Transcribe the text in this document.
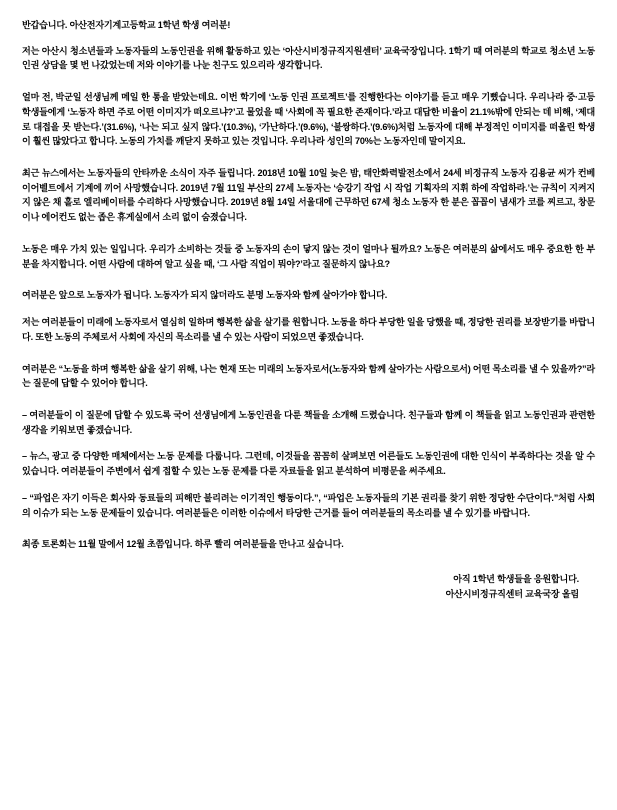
반갑습니다. 아산전자기계고등학교 1학년 학생 여러분!

저는 아산시 청소년들과 노동자들의 노동인권을 위해 활동하고 있는 ‘아산시비정규직지원센터’ 교육국장입니다. 1학기 때 여러분의 학교로 청소년 노동인권 상담을 몇 번 나갔었는데 저와 이야기를 나눈 친구도 있으리라 생각합니다.

얼마 전, 박군일 선생님께 메일 한 통을 받았는데요. 이번 학기에 ‘노동 인권 프로젝트’를 진행한다는 이야기를 듣고 매우 기뻤습니다. 우리나라 중·고등학생들에게 ‘노동자 하면 주로 어떤 이미지가 떠오르냐?’고 물었을 때 ‘사회에 꼭 필요한 존재이다.’라고 대답한 비율이 21.1%밖에 안되는 데 비해, ‘제대로 대접을 못 받는다.’(31.6%), ‘나는 되고 싶지 않다.’(10.3%), ‘가난하다.’(9.6%), ‘불쌍하다.’(9.6%)처럼 노동자에 대해 부정적인 이미지를 떠올린 학생이 훨씬 많았다고 합니다. 노동의 가치를 깨닫지 못하고 있는 것입니다. 우리나라 성인의 70%는 노동자인데 말이지요.

최근 뉴스에서는 노동자들의 안타까운 소식이 자주 들립니다. 2018년 10월 10일 늦은 밤, 태안화력발전소에서 24세 비정규직 노동자 김용균 씨가 컨베이어벨트에서 기계에 끼어 사망했습니다. 2019년 7월 11일 부산의 27세 노동자는 ‘승강기 작업 시 작업 기획자의 지휘 하에 작업하라.’는 규칙이 지켜지지 않은 채 홀로 엘리베이터를 수리하다 사망했습니다. 2019년 8월 14일 서울대에 근무하던 67세 청소 노동자 한 분은 꼽꼽이 냄새가 코를 찌르고, 창문이나 에어컨도 없는 좁은 휴게실에서 소리 없이 숨졌습니다.

노동은 매우 가치 있는 일입니다. 우리가 소비하는 것들 중 노동자의 손이 닿지 않는 것이 얼마나 될까요? 노동은 여러분의 삶에서도 매우 중요한 한 부분을 차지합니다. 어떤 사람에 대하여 알고 싶을 때, ‘그 사람 직업이 뭐야?’라고 질문하지 않나요?

여러분은 앞으로 노동자가 됩니다. 노동자가 되지 않더라도 분명 노동자와 함께 살아가야 합니다.

저는 여러분들이 미래에 노동자로서 열심히 일하며 행복한 삶을 살기를 원합니다. 노동을 하다 부당한 일을 당했을 때, 정당한 권리를 보장받기를 바랍니다. 또한 노동의 주체로서 사회에 자신의 목소리를 낼 수 있는 사람이 되었으면 좋겠습니다.

여러분은 “노동을 하며 행복한 삶을 살기 위해, 나는 현재 또는 미래의 노동자로서(노동자와 함께 살아가는 사람으로서) 어떤 목소리를 낼 수 있을까?”라는 질문에 답할 수 있어야 합니다.

– 여러분들이 이 질문에 답할 수 있도록 국어 선생님에게 노동인권을 다룬 책들을 소개해 드렸습니다. 친구들과 함께 이 책들을 읽고 노동인권과 관련한 생각을 키워보면 좋겠습니다.

– 뉴스, 광고 중 다양한 매체에서는 노동 문제를 다룹니다. 그런데, 이것들을 꼼꼼히 살펴보면 어른들도 노동인권에 대한 인식이 부족하다는 것을 알 수 있습니다. 여러분들이 주변에서 쉽게 접할 수 있는 노동 문제를 다룬 자료들을 읽고 분석하여 비평문을 써주세요.

– “파업은 자기 이득은 회사와 동료들의 피해만 불리려는 이기적인 행동이다.”, “파업은 노동자들의 기본 권리를 찾기 위한 정당한 수단이다.”처럼 사회의 이슈가 되는 노동 문제들이 있습니다. 여러분들은 이러한 이슈에서 타당한 근거를 들어 여러분들의 목소리를 낼 수 있기를 바랍니다.

최종 토론회는 11월 말에서 12월 초쯤입니다. 하루 빨리 여러분들을 만나고 싶습니다.

아직 1학년 학생들을 응원합니다.

아산시비정규직센터 교육국장 올림
